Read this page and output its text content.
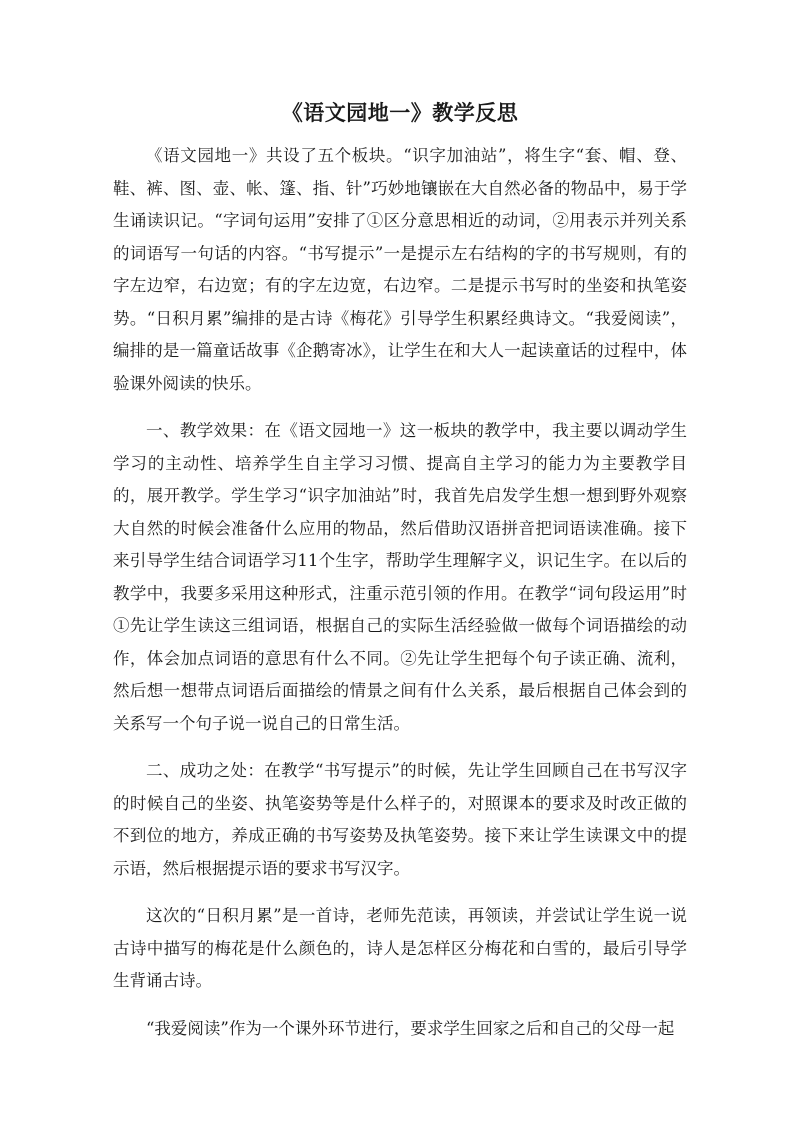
《语文园地一》教学反思

《语文园地一》共设了五个板块。“识字加油站”，将生字“套、帽、登、鞋、裤、图、壶、帐、篷、指、针”巧妙地镶嵌在大自然必备的物品中，易于学生诵读识记。“字词句运用”安排了①区分意思相近的动词，②用表示并列关系的词语写一句话的内容。“书写提示”一是提示左右结构的字的书写规则，有的字左边窄，右边宽；有的字左边宽，右边窄。二是提示书写时的坐姿和执笔姿势。“日积月累”编排的是古诗《梅花》引导学生积累经典诗文。“我爱阅读”，编排的是一篇童话故事《企鹅寄冰》，让学生在和大人一起读童话的过程中，体验课外阅读的快乐。

一、教学效果：在《语文园地一》这一板块的教学中，我主要以调动学生学习的主动性、培养学生自主学习习惯、提高自主学习的能力为主要教学目的，展开教学。学生学习“识字加油站”时，我首先启发学生想一想到野外观察大自然的时候会准备什么应用的物品，然后借助汉语拼音把词语读准确。接下来引导学生结合词语学习11个生字，帮助学生理解字义，识记生字。在以后的教学中，我要多采用这种形式，注重示范引领的作用。在教学“词句段运用”时①先让学生读这三组词语，根据自己的实际生活经验做一做每个词语描绘的动作，体会加点词语的意思有什么不同。②先让学生把每个句子读正确、流利，然后想一想带点词语后面描绘的情景之间有什么关系，最后根据自己体会到的关系写一个句子说一说自己的日常生活。

二、成功之处：在教学“书写提示”的时候，先让学生回顾自己在书写汉字的时候自己的坐姿、执笔姿势等是什么样子的，对照课本的要求及时改正做的不到位的地方，养成正确的书写姿势及执笔姿势。接下来让学生读课文中的提示语，然后根据提示语的要求书写汉字。

这次的“日积月累”是一首诗，老师先范读，再领读，并尝试让学生说一说古诗中描写的梅花是什么颜色的，诗人是怎样区分梅花和白雪的，最后引导学生背诵古诗。

“我爱阅读”作为一个课外环节进行，要求学生回家之后和自己的父母一起
